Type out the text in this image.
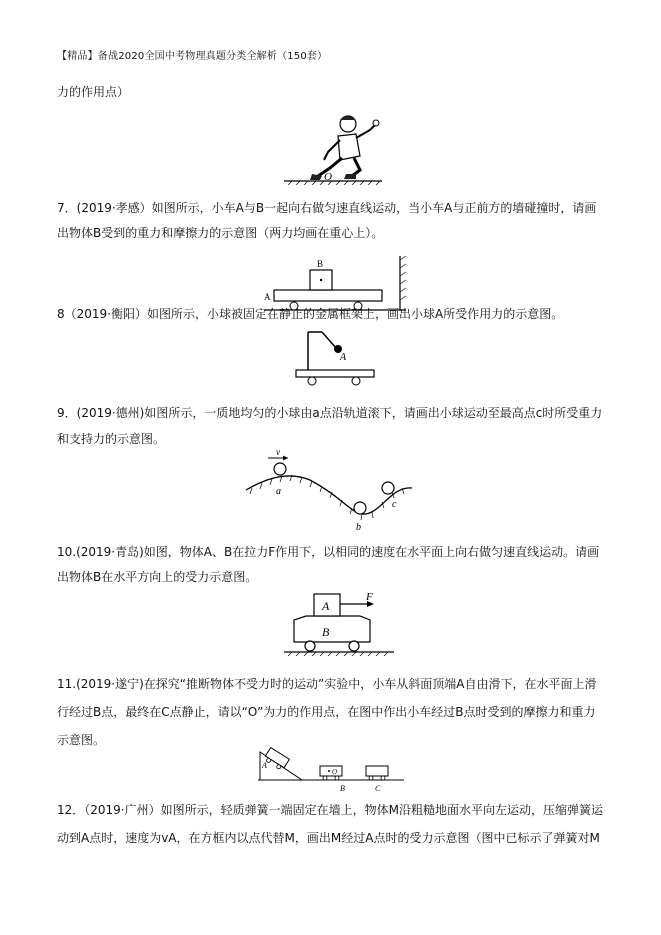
【精品】备战2020全国中考物理真题分类全解析（150套）
力的作用点）
O
7．(2019·孝感）如图所示，小车A与B一起向右做匀速直线运动，当小车A与正前方的墙碰撞时，请画出物体B受到的重力和摩擦力的示意图（两力均画在重心上）。
A
B
8（2019·衡阳）如图所示，小球被固定在静止的金属框架上，画出小球A所受作用力的示意图。
A
9．(2019·德州)如图所示，一质地均匀的小球由a点沿轨道滚下，请画出小球运动至最高点c时所受重力和支持力的示意图。
v
a
b
c
10.(2019·青岛)如图，物体A、B在拉力F作用下，以相同的速度在水平面上向右做匀速直线运动。请画出物体B在水平方向上的受力示意图。
A
B
F
11.(2019·遂宁)在探究“推断物体不受力时的运动”实验中，小车从斜面顶端A自由滑下，在水平面上滑行经过B点，最终在C点静止，请以“O”为力的作用点，在图中作出小车经过B点时受到的摩擦力和重力示意图。
A
O
B	C
12．（2019·广州）如图所示，轻质弹簧一端固定在墙上，物体M沿粗糙地面水平向左运动，压缩弹簧运动到A点时，速度为vA，在方框内以点代替M，画出M经过A点时的受力示意图（图中已标示了弹簧对M
